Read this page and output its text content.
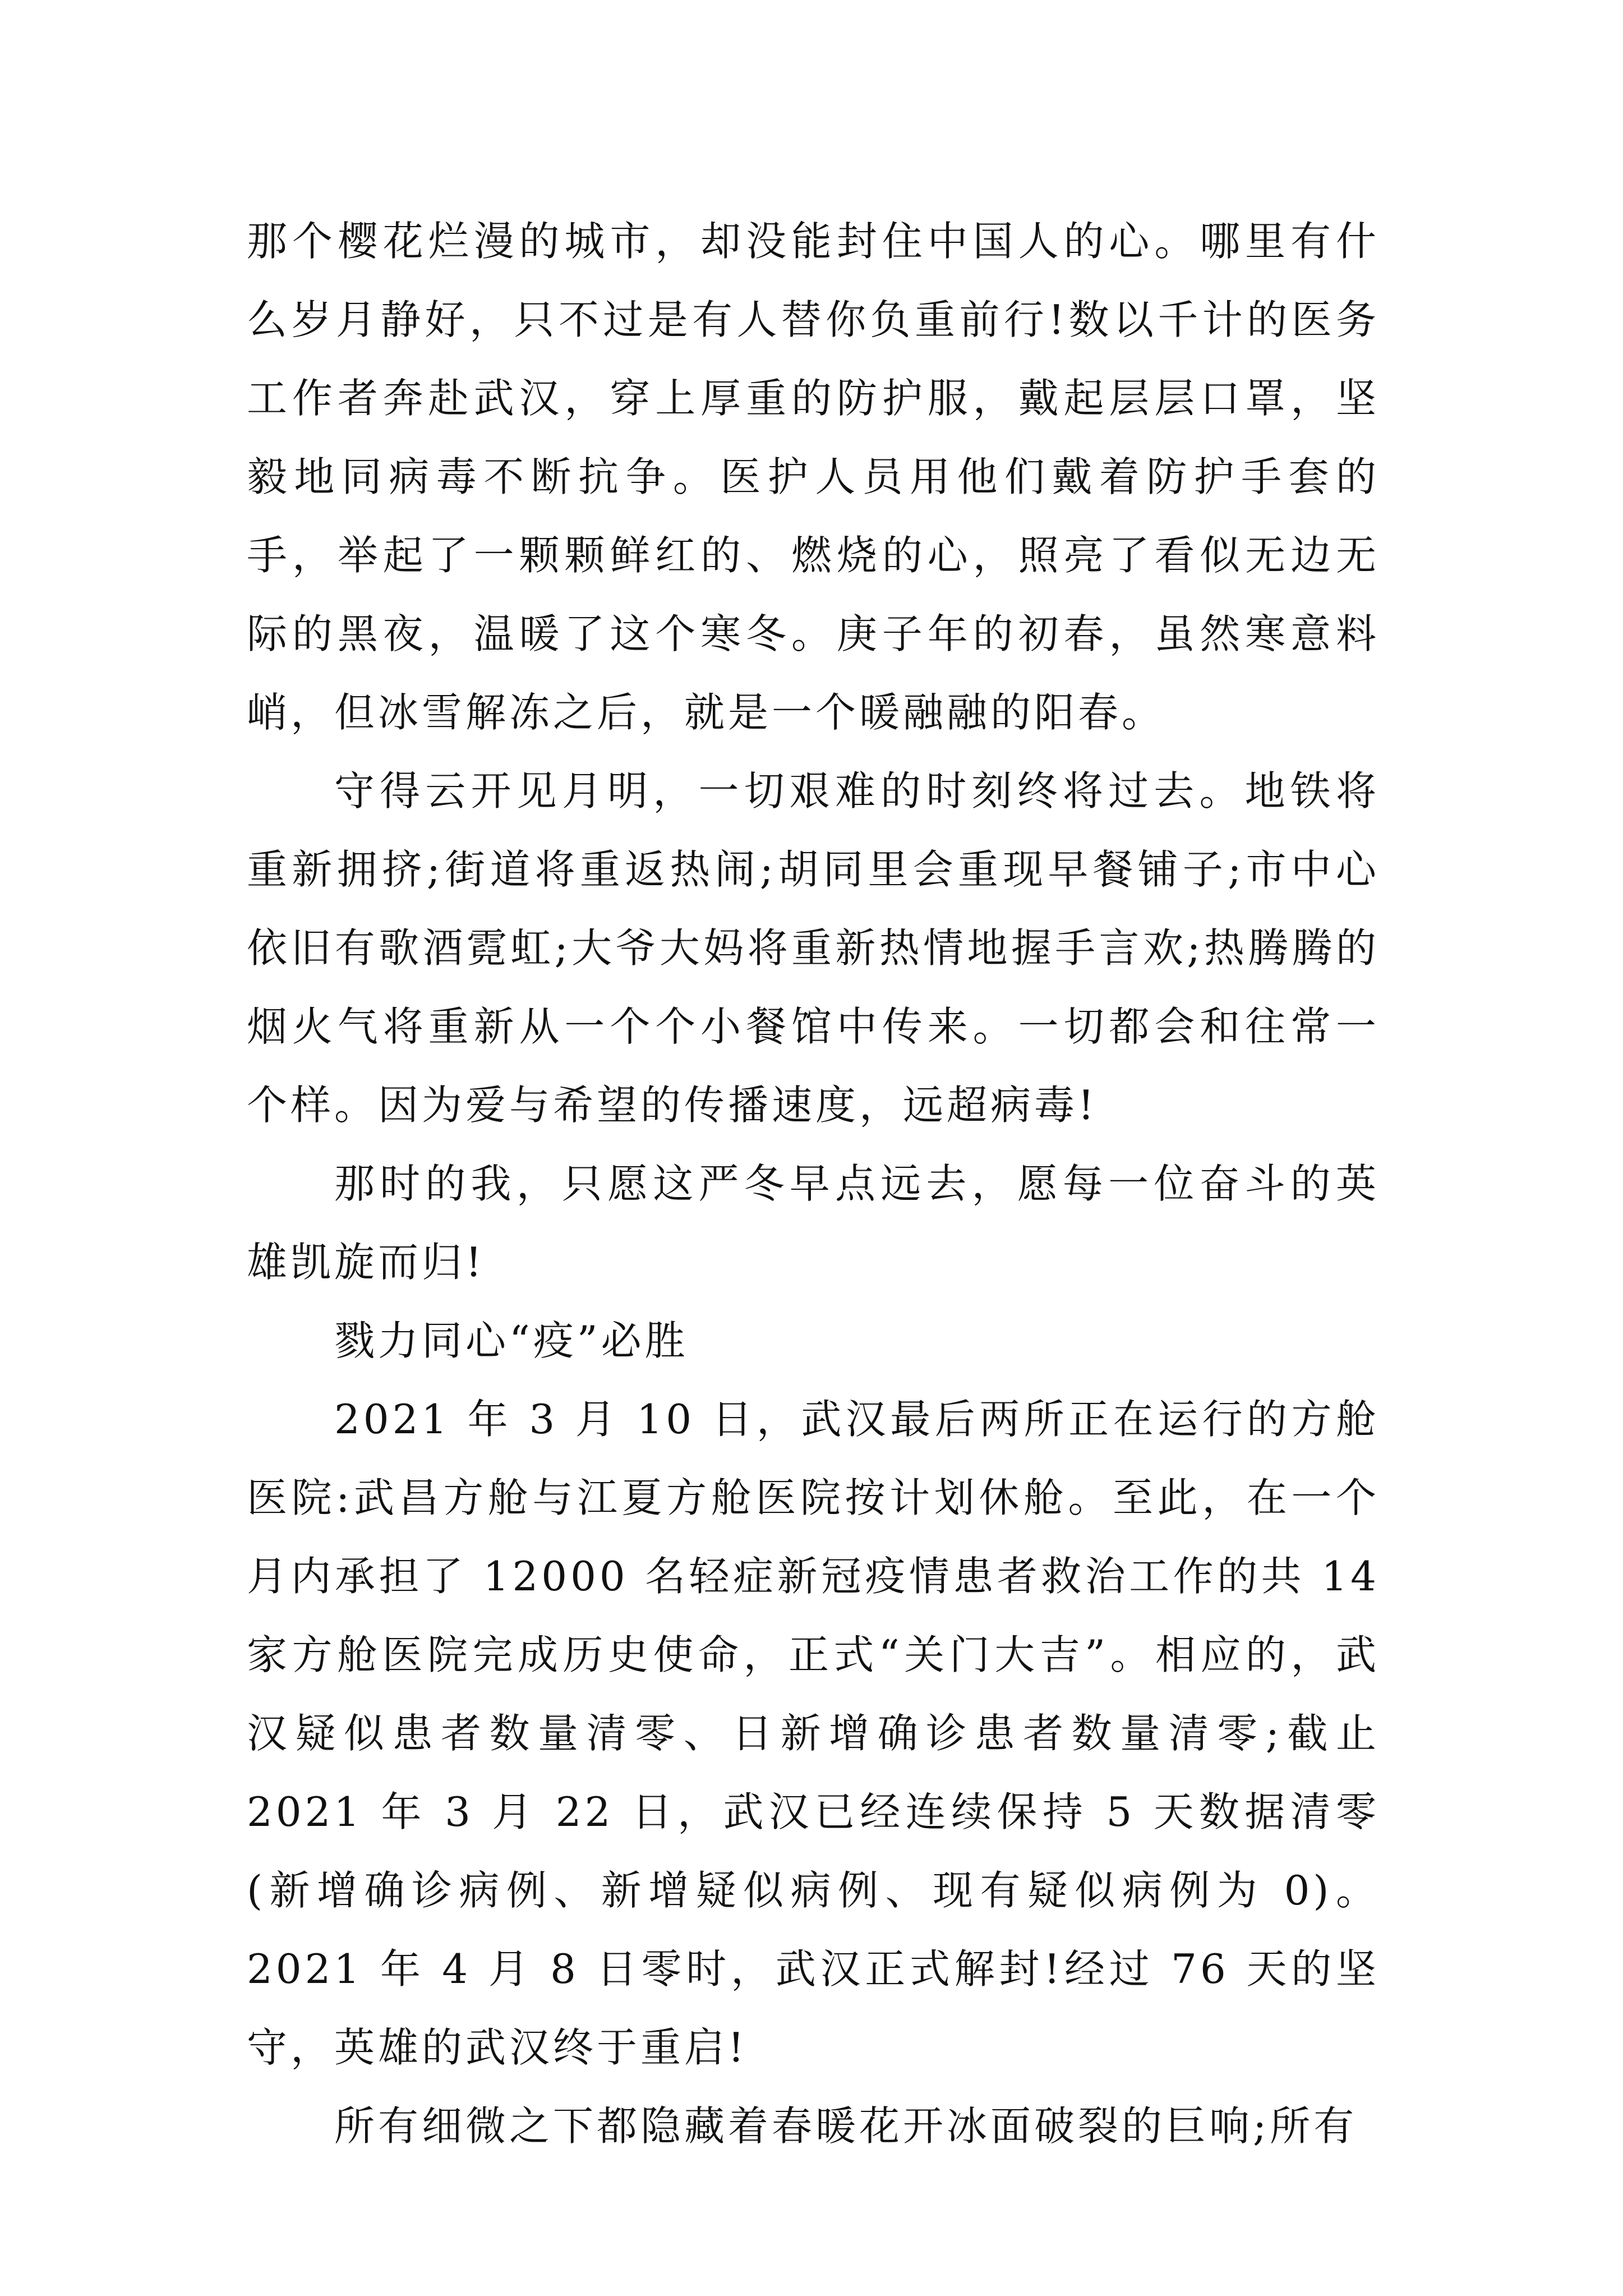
那个樱花烂漫的城市，却没能封住中国人的心。哪里有什么岁月静好，只不过是有人替你负重前行!数以千计的医务工作者奔赴武汉，穿上厚重的防护服，戴起层层口罩，坚毅地同病毒不断抗争。医护人员用他们戴着防护手套的手，举起了一颗颗鲜红的、燃烧的心，照亮了看似无边无际的黑夜，温暖了这个寒冬。庚子年的初春，虽然寒意料峭，但冰雪解冻之后，就是一个暖融融的阳春。

守得云开见月明，一切艰难的时刻终将过去。地铁将重新拥挤;街道将重返热闹;胡同里会重现早餐铺子;市中心依旧有歌酒霓虹;大爷大妈将重新热情地握手言欢;热腾腾的烟火气将重新从一个个小餐馆中传来。一切都会和往常一个样。因为爱与希望的传播速度，远超病毒!

那时的我，只愿这严冬早点远去，愿每一位奋斗的英雄凯旋而归!

戮力同心“疫”必胜

2021 年 3 月 10 日，武汉最后两所正在运行的方舱医院:武昌方舱与江夏方舱医院按计划休舱。至此，在一个月内承担了 12000 名轻症新冠疫情患者救治工作的共 14 家方舱医院完成历史使命，正式“关门大吉”。相应的，武汉疑似患者数量清零、日新增确诊患者数量清零;截止 2021 年 3 月 22 日，武汉已经连续保持 5 天数据清零(新增确诊病例、新增疑似病例、现有疑似病例为 0)。2021 年 4 月 8 日零时，武汉正式解封!经过 76 天的坚守，英雄的武汉终于重启!

所有细微之下都隐藏着春暖花开冰面破裂的巨响;所有
